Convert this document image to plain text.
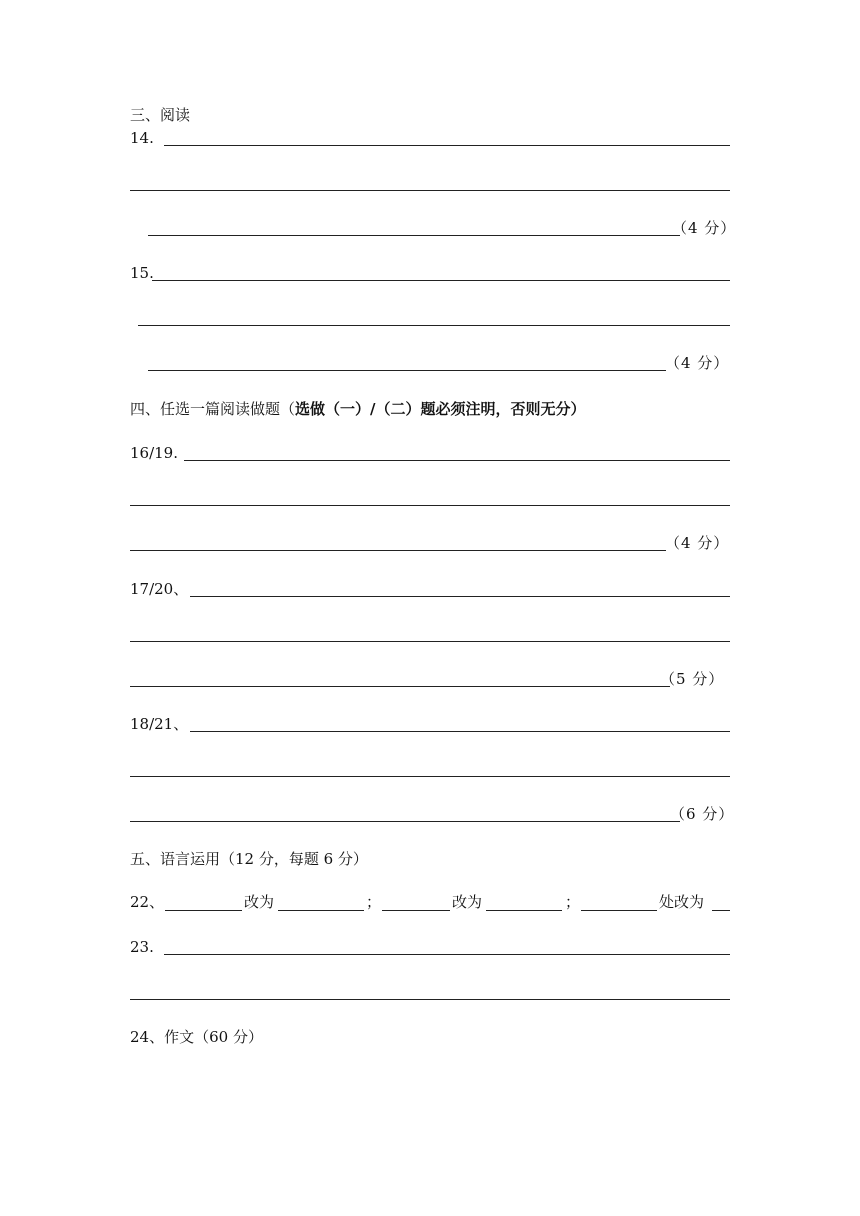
三、阅读
14.
（4 分）
15.
（4 分）
四、任选一篇阅读做题（选做（一）/（二）题必须注明，否则无分）
16/19.
（4 分）
17/20、
（5 分）
18/21、
（6 分）
五、语言运用（12 分，每题 6 分）
22、	改为	；	改为	；	处改为
23.
24、作文（60 分）
